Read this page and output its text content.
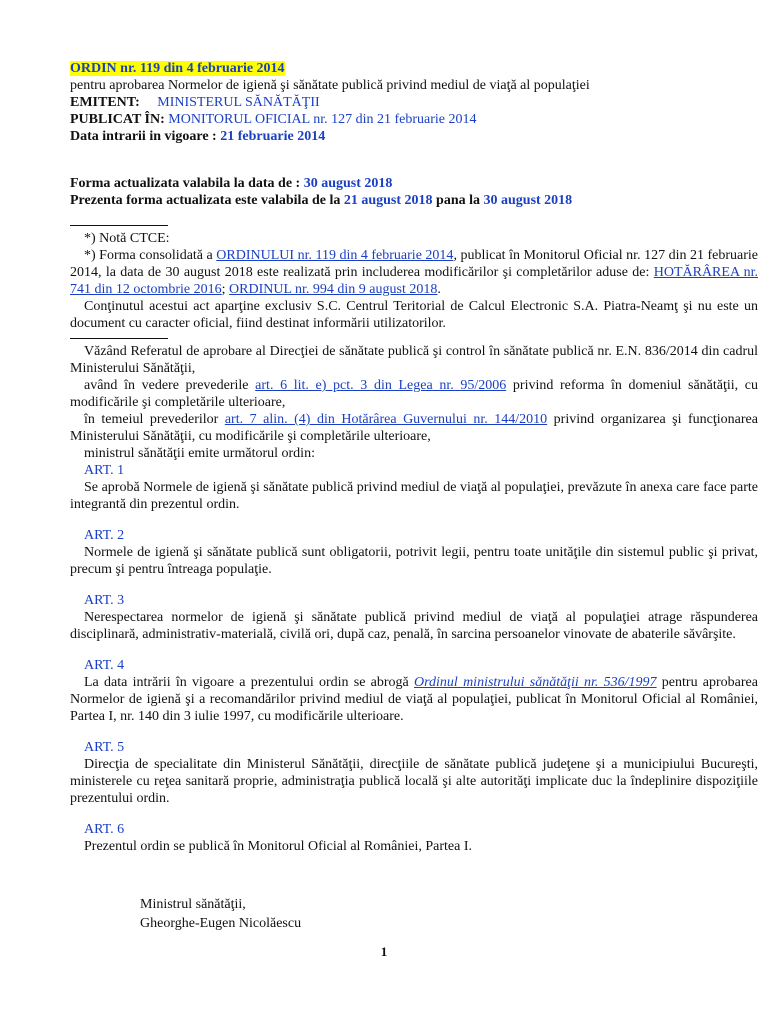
ORDIN nr. 119 din 4 februarie 2014
pentru aprobarea Normelor de igienă şi sănătate publică privind mediul de viaţă al populaţiei
EMITENT: MINISTERUL SĂNĂTĂŢII
PUBLICAT ÎN: MONITORUL OFICIAL nr. 127 din 21 februarie 2014
Data intrarii in vigoare : 21 februarie 2014
Forma actualizata valabila la data de : 30 august 2018
Prezenta forma actualizata este valabila de la 21 august 2018 pana la 30 august 2018
*) Notă CTCE:
*) Forma consolidată a ORDINULUI nr. 119 din 4 februarie 2014, publicat în Monitorul Oficial nr. 127 din 21 februarie 2014, la data de 30 august 2018 este realizată prin includerea modificărilor şi completărilor aduse de: HOTĂRÂREA nr. 741 din 12 octombrie 2016; ORDINUL nr. 994 din 9 august 2018.
Conţinutul acestui act aparţine exclusiv S.C. Centrul Teritorial de Calcul Electronic S.A. Piatra-Neamţ şi nu este un document cu caracter oficial, fiind destinat informării utilizatorilor.
Văzând Referatul de aprobare al Direcţiei de sănătate publică şi control în sănătate publică nr. E.N. 836/2014 din cadrul Ministerului Sănătăţii,
având în vedere prevederile art. 6 lit. e) pct. 3 din Legea nr. 95/2006 privind reforma în domeniul sănătăţii, cu modificările şi completările ulterioare,
în temeiul prevederilor art. 7 alin. (4) din Hotărârea Guvernului nr. 144/2010 privind organizarea şi funcţionarea Ministerului Sănătăţii, cu modificările şi completările ulterioare,
ministrul sănătăţii emite următorul ordin:
ART. 1
Se aprobă Normele de igienă şi sănătate publică privind mediul de viaţă al populaţiei, prevăzute în anexa care face parte integrantă din prezentul ordin.
ART. 2
Normele de igienă şi sănătate publică sunt obligatorii, potrivit legii, pentru toate unităţile din sistemul public şi privat, precum şi pentru întreaga populaţie.
ART. 3
Nerespectarea normelor de igienă şi sănătate publică privind mediul de viaţă al populaţiei atrage răspunderea disciplinară, administrativ-materială, civilă ori, după caz, penală, în sarcina persoanelor vinovate de abaterile săvârşite.
ART. 4
La data intrării în vigoare a prezentului ordin se abrogă Ordinul ministrului sănătăţii nr. 536/1997 pentru aprobarea Normelor de igienă şi a recomandărilor privind mediul de viaţă al populaţiei, publicat în Monitorul Oficial al României, Partea I, nr. 140 din 3 iulie 1997, cu modificările ulterioare.
ART. 5
Direcţia de specialitate din Ministerul Sănătăţii, direcţiile de sănătate publică judeţene şi a municipiului Bucureşti, ministerele cu reţea sanitară proprie, administraţia publică locală şi alte autorităţi implicate duc la îndeplinire dispoziţiile prezentului ordin.
ART. 6
Prezentul ordin se publică în Monitorul Oficial al României, Partea I.
Ministrul sănătăţii,
Gheorghe-Eugen Nicolăescu
1
